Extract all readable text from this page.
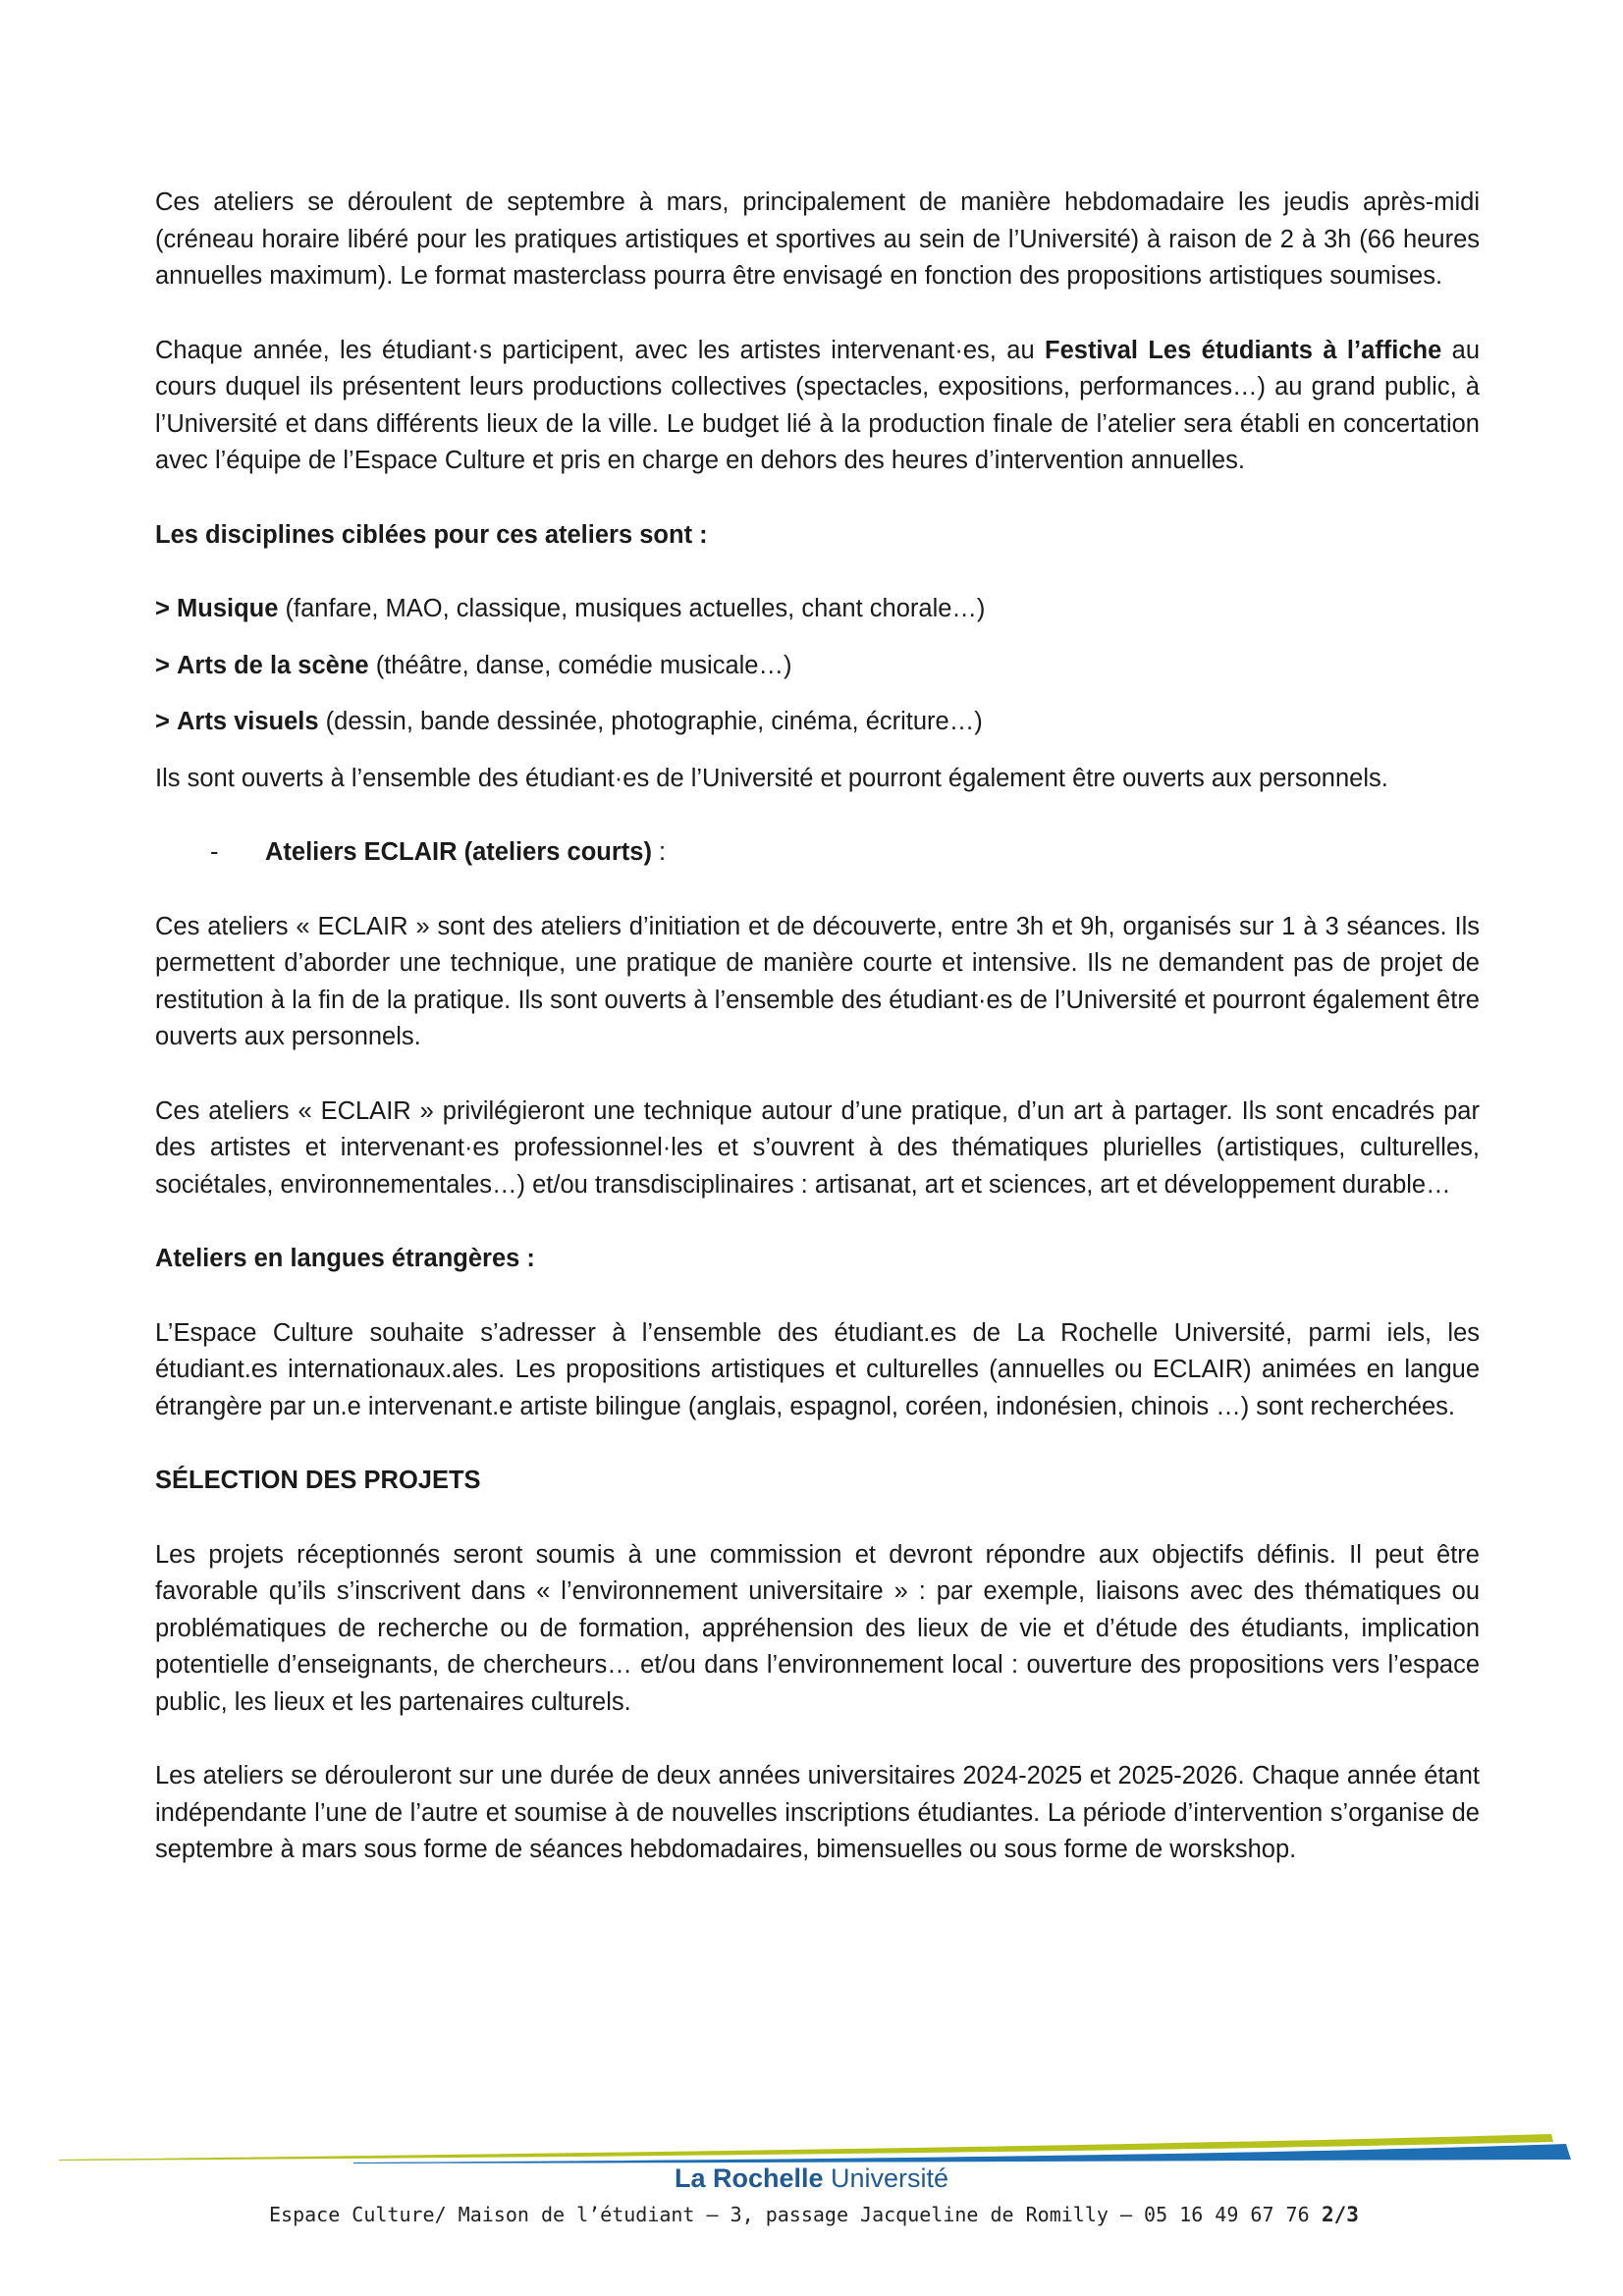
Ces ateliers se déroulent de septembre à mars, principalement de manière hebdomadaire les jeudis après-midi (créneau horaire libéré pour les pratiques artistiques et sportives au sein de l’Université) à raison de 2 à 3h (66 heures annuelles maximum). Le format masterclass pourra être envisagé en fonction des propositions artistiques soumises.

Chaque année, les étudiant·s participent, avec les artistes intervenant·es, au Festival Les étudiants à l’affiche au cours duquel ils présentent leurs productions collectives (spectacles, expositions, performances…) au grand public, à l’Université et dans différents lieux de la ville. Le budget lié à la production finale de l’atelier sera établi en concertation avec l’équipe de l’Espace Culture et pris en charge en dehors des heures d’intervention annuelles.

Les disciplines ciblées pour ces ateliers sont :

> Musique (fanfare, MAO, classique, musiques actuelles, chant chorale…)

> Arts de la scène (théâtre, danse, comédie musicale…)

> Arts visuels (dessin, bande dessinée, photographie, cinéma, écriture…)

Ils sont ouverts à l’ensemble des étudiant·es de l’Université et pourront également être ouverts aux personnels.

- Ateliers ECLAIR (ateliers courts) :

Ces ateliers « ECLAIR » sont des ateliers d’initiation et de découverte, entre 3h et 9h, organisés sur 1 à 3 séances. Ils permettent d’aborder une technique, une pratique de manière courte et intensive. Ils ne demandent pas de projet de restitution à la fin de la pratique. Ils sont ouverts à l’ensemble des étudiant·es de l’Université et pourront également être ouverts aux personnels.

Ces ateliers « ECLAIR » privilégieront une technique autour d’une pratique, d’un art à partager. Ils sont encadrés par des artistes et intervenant·es professionnel·les et s’ouvrent à des thématiques plurielles (artistiques, culturelles, sociétales, environnementales…) et/ou transdisciplinaires : artisanat, art et sciences, art et développement durable…

Ateliers en langues étrangères :

L’Espace Culture souhaite s’adresser à l’ensemble des étudiant.es de La Rochelle Université, parmi iels, les étudiant.es internationaux.ales. Les propositions artistiques et culturelles (annuelles ou ECLAIR) animées en langue étrangère par un.e intervenant.e artiste bilingue (anglais, espagnol, coréen, indonésien, chinois …) sont recherchées.

SÉLECTION DES PROJETS

Les projets réceptionnés seront soumis à une commission et devront répondre aux objectifs définis. Il peut être favorable qu’ils s’inscrivent dans « l’environnement universitaire » : par exemple, liaisons avec des thématiques ou problématiques de recherche ou de formation, appréhension des lieux de vie et d’étude des étudiants, implication potentielle d’enseignants, de chercheurs… et/ou dans l’environnement local : ouverture des propositions vers l’espace public, les lieux et les partenaires culturels.

Les ateliers se dérouleront sur une durée de deux années universitaires 2024-2025 et 2025-2026. Chaque année étant indépendante l’une de l’autre et soumise à de nouvelles inscriptions étudiantes. La période d’intervention s’organise de septembre à mars sous forme de séances hebdomadaires, bimensuelles ou sous forme de worskshop.

La Rochelle Université
Espace Culture/ Maison de l’étudiant – 3, passage Jacqueline de Romilly – 05 16 49 67 76 2/3
